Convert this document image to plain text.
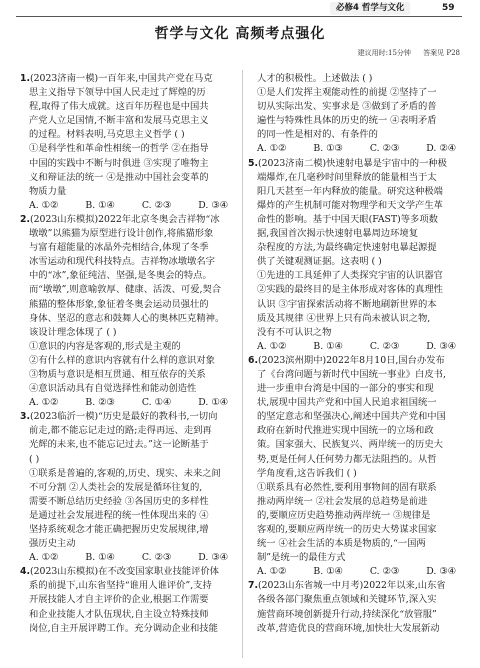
必修4 哲学与文化	59
哲学与文化 高频考点强化
建议用时:15分钟 答案见 P28
1.(2023济南一模)一百年来,中国共产党在马克
思主义指导下领导中国人民走过了辉煌的历
程,取得了伟大成就。这百年历程也是中国共
产党人立足国情,不断丰富和发展马克思主义
的过程。材料表明,马克思主义哲学 ( )
①是科学性和革命性相统一的哲学 ②在指导
中国的实践中不断与时俱进 ③实现了唯物主
义和辩证法的统一 ④是推动中国社会变革的
物质力量
A. ①②	B. ①④	C. ②③	D. ③④
2.(2023山东模拟)2022年北京冬奥会吉祥物“冰
墩墩”以熊猫为原型进行设计创作,将熊猫形象
与富有超能量的冰晶外壳相结合,体现了冬季
冰雪运动和现代科技特点。吉祥物冰墩墩名字
中的“冰”,象征纯洁、坚强,是冬奥会的特点。
而“墩墩”,则意喻敦厚、健康、活泼、可爱,契合
熊猫的整体形象,象征着冬奥会运动员强壮的
身体、坚忍的意志和鼓舞人心的奥林匹克精神。
该设计理念体现了 ( )
①意识的内容是客观的,形式是主观的
②有什么样的意识内容就有什么样的意识对象
③物质与意识是相互贯通、相互依存的关系
④意识活动具有自觉选择性和能动创造性
A. ①②	B. ②③	C. ①④	D. ①④
3.(2023临沂一模)“历史是最好的教科书,一切向
前走,都不能忘记走过的路;走得再远、走到再
光辉的未来,也不能忘记过去。”这一论断基于
( )
①联系是普遍的,客观的,历史、现实、未来之间
不可分割 ②人类社会的发展是循环往复的,
需要不断总结历史经验 ③各国历史的多样性
是通过社会发展进程的统一性体现出来的 ④
坚持系统观念才能正确把握历史发展规律,增
强历史主动
A. ①②	B. ①④	C. ②③	D. ③④
4.(2023山东模拟)在不改变国家职业技能评价体
系的前提下,山东省坚持“谁用人谁评价”,支持
开展技能人才自主评价的企业,根据工作需要
和企业技能人才队伍现状,自主设立特殊技师
岗位,自主开展评聘工作。充分调动企业和技能
人才的积极性。上述做法 ( )
①是人们发挥主观能动性的前提 ②坚持了一
切从实际出发、实事求是 ③做到了矛盾的普
遍性与特殊性具体的历史的统一 ④表明矛盾
的同一性是相对的、有条件的
A. ①②	B. ①③	C. ②③	D. ②④
5.(2023济南二模)快速射电暴是宇宙中的一种极
端爆炸,在几毫秒时间里释放的能量相当于太
阳几天甚至一年内释放的能量。研究这种极端
爆炸的产生机制可能对物理学和天文学产生革
命性的影响。基于中国天眼(FAST)等多项数
据,我国首次揭示快速射电暴周边环境复
杂程度的方法,为最终确定快速射电暴起源提
供了关键观测证据。这表明 ( )
①先进的工具延伸了人类探究宇宙的认识器官
②实践的最终目的是主体形成对客体的真理性
认识 ③宇宙探索活动将不断地刷新世界的本
质及其规律 ④世界上只有尚未被认识之物,
没有不可认识之物
A. ①②	B. ①④	C. ②③	D. ③④
6.(2023滨州期中)2022年8月10日,国台办发布
了《台湾问题与新时代中国统一事业》白皮书,
进一步重申台湾是中国的一部分的事实和现
状,展现中国共产党和中国人民追求祖国统一
的坚定意志和坚强决心,阐述中国共产党和中国
政府在新时代推进实现中国统一的立场和政
策。国家强大、民族复兴、两岸统一的历史大
势,更是任何人任何势力都无法阻挡的。从哲
学角度看,这告诉我们 ( )
①联系具有必然性,要利用事物间的固有联系
推动两岸统一 ②社会发展的总趋势是前进
的,要顺应历史趋势推动两岸统一 ③规律是
客观的,要顺应两岸统一的历史大势谋求国家
统一 ④社会生活的本质是物质的,“一国两
制”是统一的最佳方式
A. ①②	B. ①④	C. ②③	D. ③④
7.(2023山东省城一中月考)2022年以来,山东省
各级各部门聚焦重点领域和关键环节,深入实
施营商环境创新提升行动,持续深化“放管服”
改革,营造优良的营商环境,加快壮大发展新动
